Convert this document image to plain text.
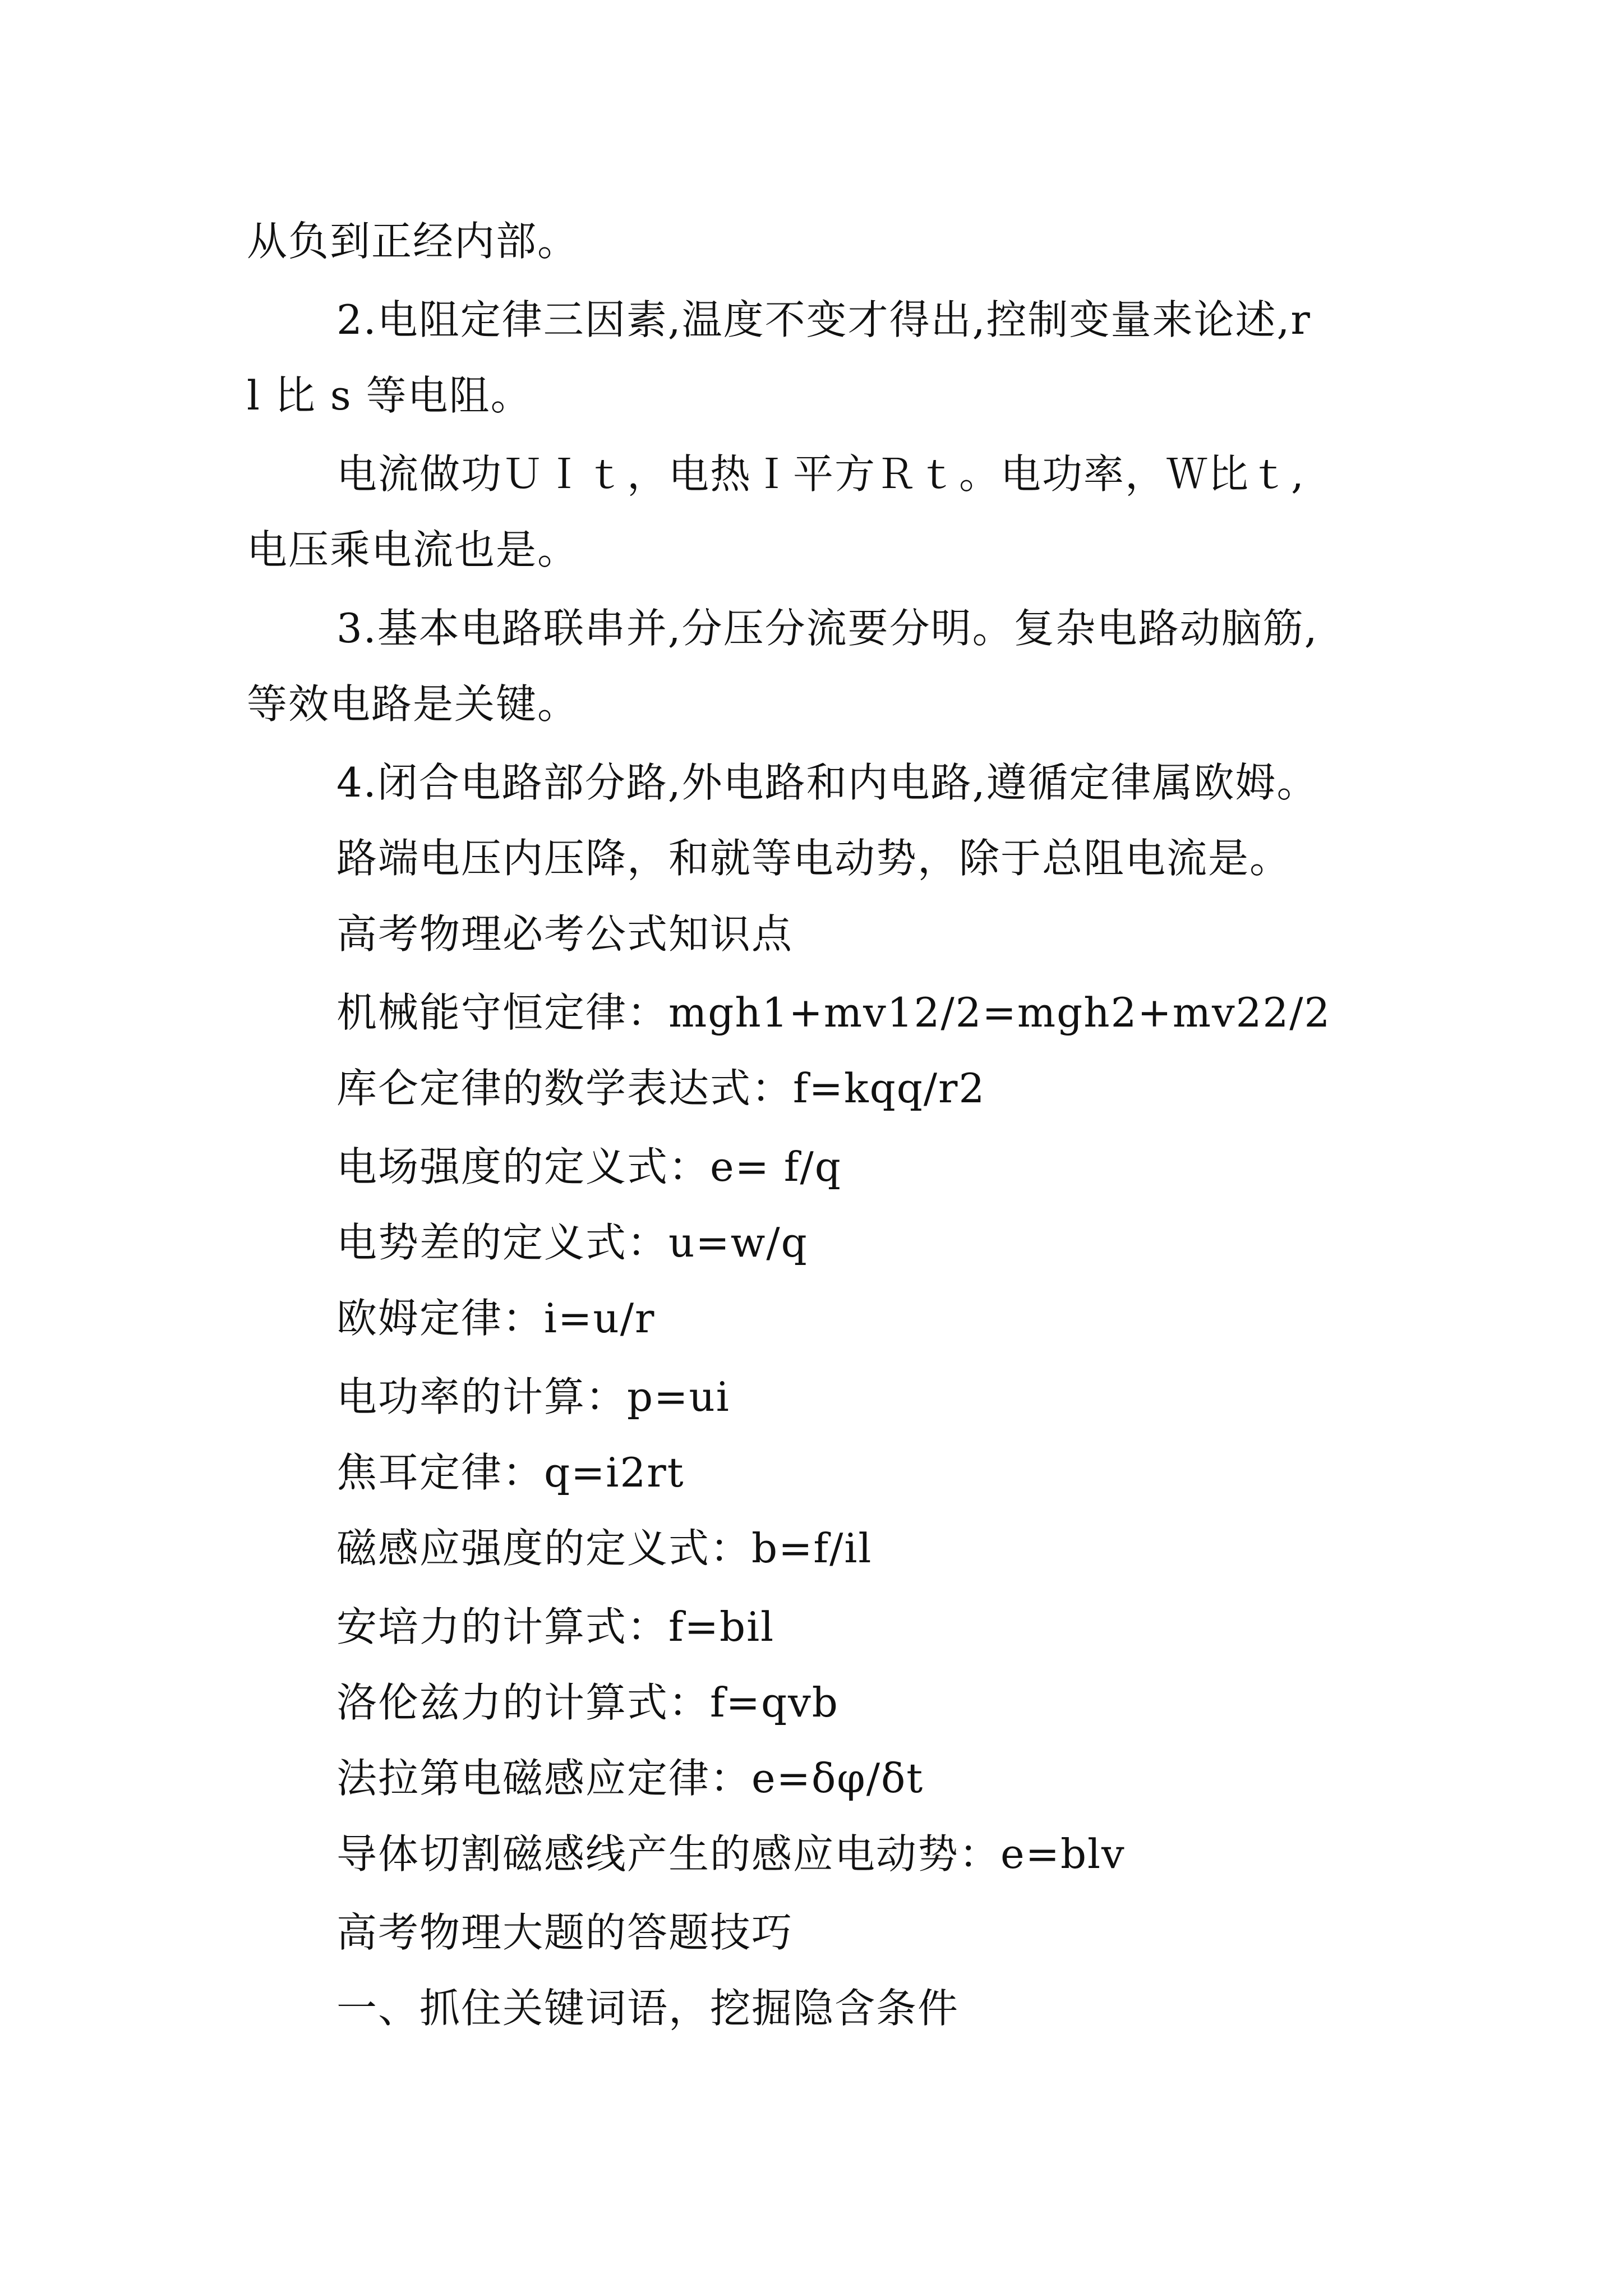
从负到正经内部。
2.电阻定律三因素,温度不变才得出,控制变量来论述,r
l 比 s 等电阻。
电流做功ＵＩｔ，电热Ｉ平方Ｒｔ。电功率，Ｗ比ｔ,
电压乘电流也是。
3.基本电路联串并,分压分流要分明。复杂电路动脑筋,
等效电路是关键。
4.闭合电路部分路,外电路和内电路,遵循定律属欧姆。
路端电压内压降，和就等电动势，除于总阻电流是。
高考物理必考公式知识点
机械能守恒定律：mgh1+mv12/2=mgh2+mv22/2
库仑定律的数学表达式：f=kqq/r2
电场强度的定义式：e= f/q
电势差的定义式：u=w/q
欧姆定律：i=u/r
电功率的计算：p=ui
焦耳定律：q=i2rt
磁感应强度的定义式：b=f/il
安培力的计算式：f=bil
洛伦兹力的计算式：f=qvb
法拉第电磁感应定律：e=δφ/δt
导体切割磁感线产生的感应电动势：e=blv
高考物理大题的答题技巧
一、抓住关键词语，挖掘隐含条件
